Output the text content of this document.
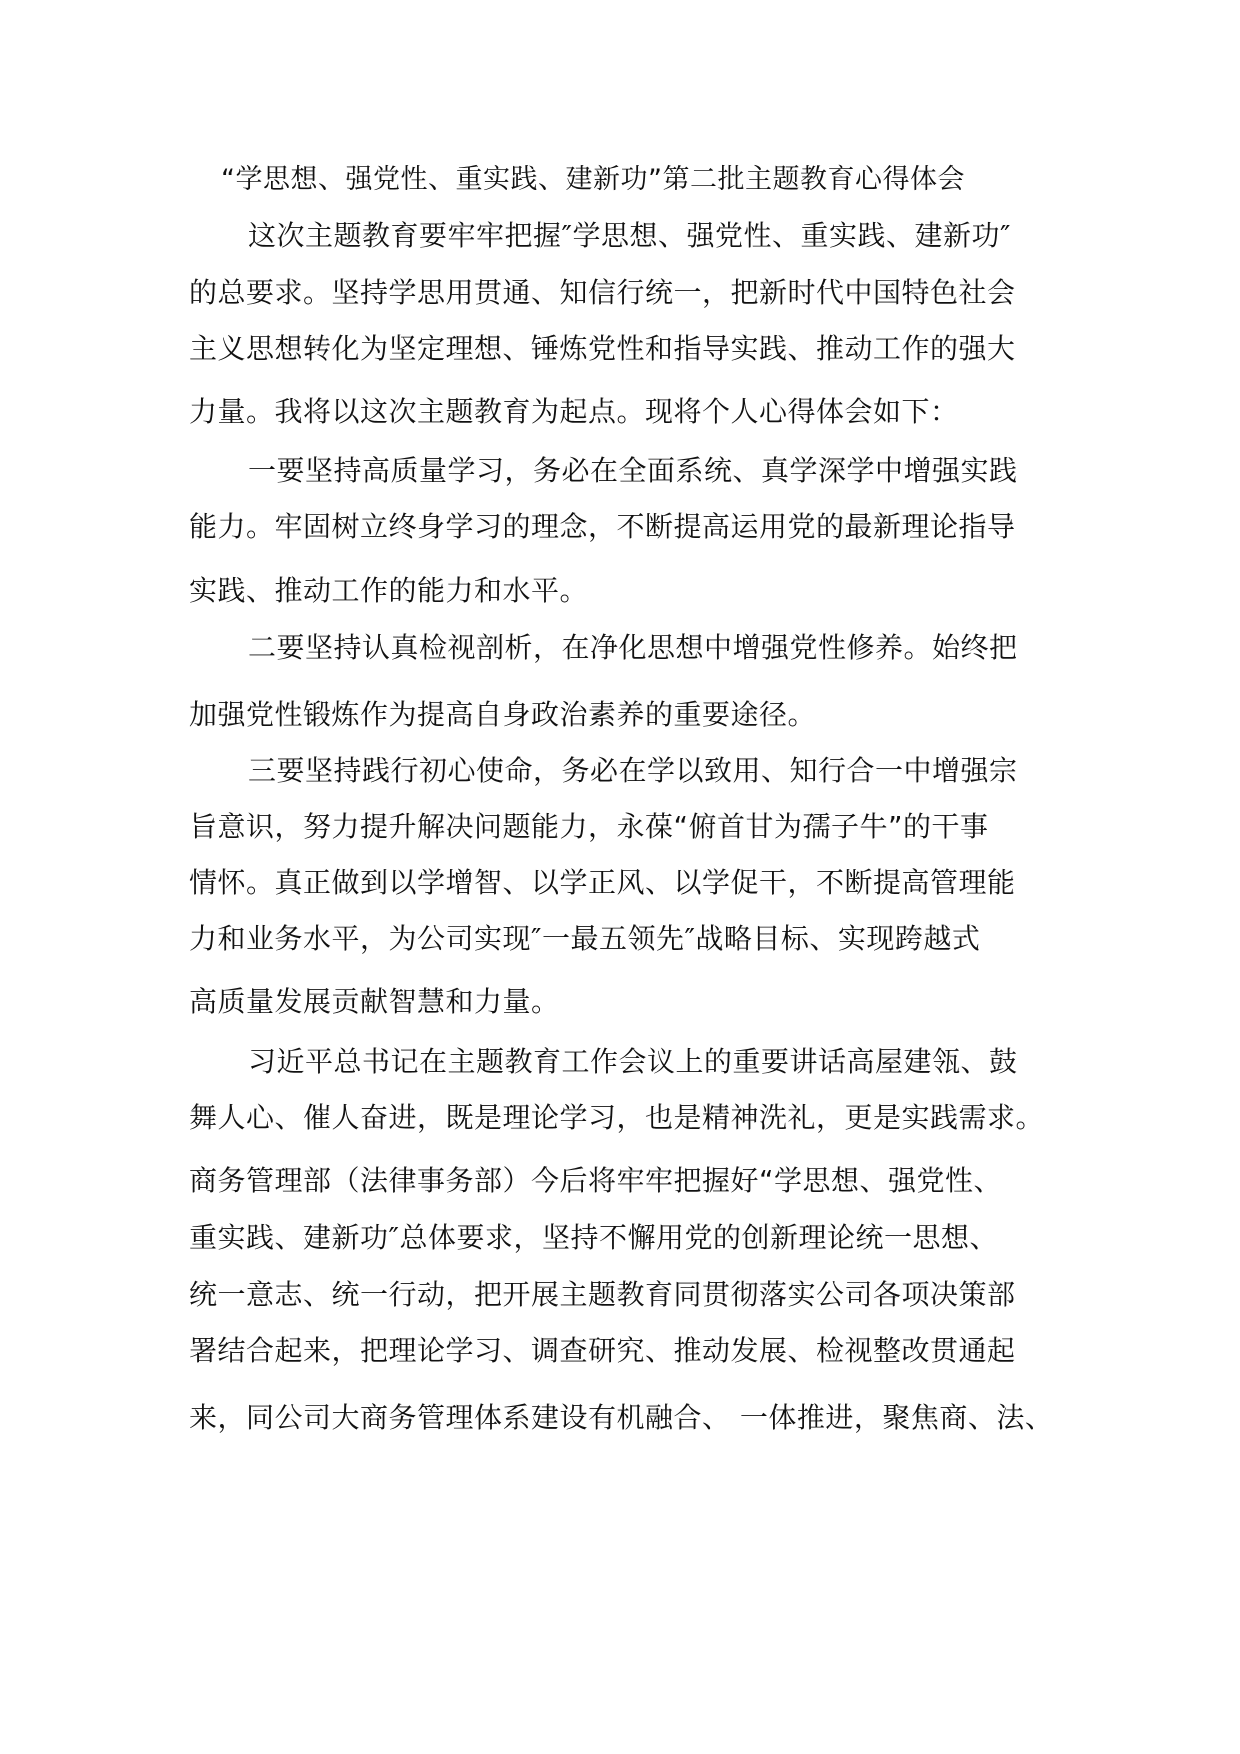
“学思想、强党性、重实践、建新功”第二批主题教育心得体会
这次主题教育要牢牢把握″学思想、强党性、重实践、建新功″
的总要求。坚持学思用贯通、知信行统一，把新时代中国特色社会
主义思想转化为坚定理想、锤炼党性和指导实践、推动工作的强大
力量。我将以这次主题教育为起点。现将个人心得体会如下：
一要坚持高质量学习，务必在全面系统、真学深学中增强实践
能力。牢固树立终身学习的理念，不断提高运用党的最新理论指导
实践、推动工作的能力和水平。
二要坚持认真检视剖析，在净化思想中增强党性修养。始终把
加强党性锻炼作为提高自身政治素养的重要途径。
三要坚持践行初心使命，务必在学以致用、知行合一中增强宗
旨意识，努力提升解决问题能力，永葆“俯首甘为孺子牛”的干事
情怀。真正做到以学增智、以学正风、以学促干，不断提高管理能
力和业务水平，为公司实现″一最五领先″战略目标、实现跨越式
高质量发展贡献智慧和力量。
习近平总书记在主题教育工作会议上的重要讲话高屋建瓴、鼓
舞人心、催人奋进，既是理论学习，也是精神洗礼，更是实践需求。
商务管理部（法律事务部）今后将牢牢把握好“学思想、强党性、
重实践、建新功″总体要求，坚持不懈用党的创新理论统一思想、
统一意志、统一行动，把开展主题教育同贯彻落实公司各项决策部
署结合起来，把理论学习、调查研究、推动发展、检视整改贯通起
来，同公司大商务管理体系建设有机融合、 一体推进，聚焦商、法、
